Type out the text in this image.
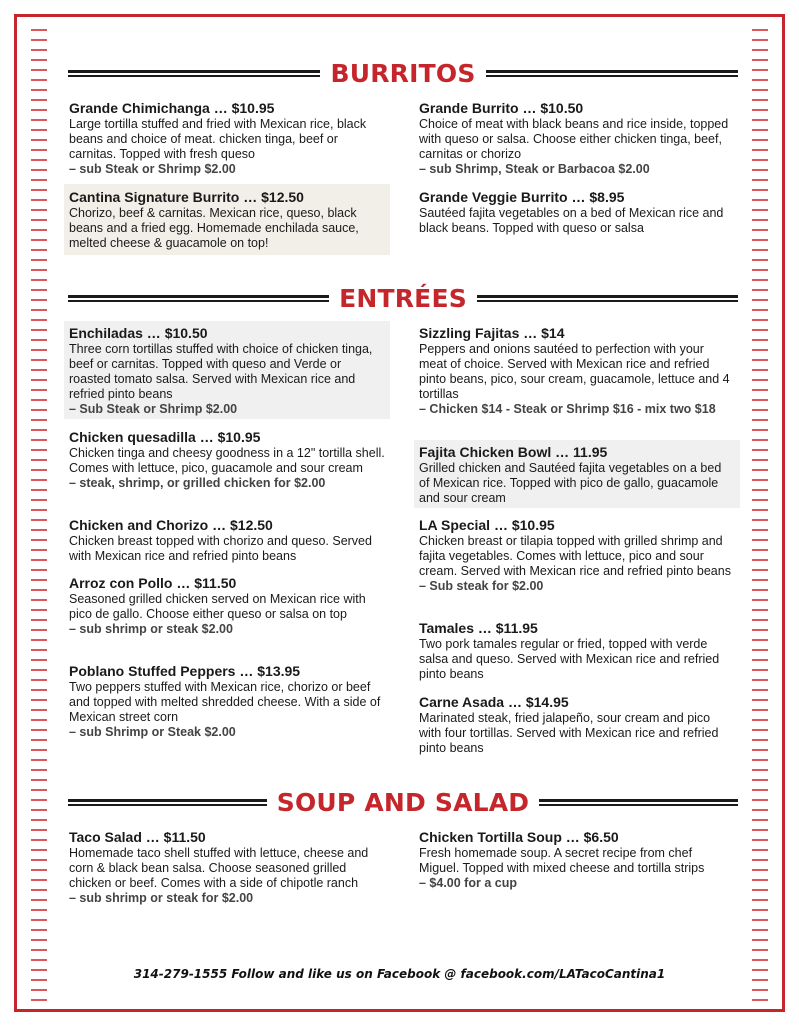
BURRITOS
Grande Chimichanga … $10.95
Large tortilla stuffed and fried with Mexican rice, black beans and choice of meat. chicken tinga, beef or carnitas. Topped with fresh queso
– sub Steak or Shrimp $2.00
Grande Burrito … $10.50
Choice of meat with black beans and rice inside, topped with queso or salsa. Choose either chicken tinga, beef, carnitas or chorizo
– sub Shrimp, Steak or Barbacoa $2.00
Cantina Signature Burrito … $12.50
Chorizo, beef & carnitas. Mexican rice, queso, black beans and a fried egg. Homemade enchilada sauce, melted cheese & guacamole on top!
Grande Veggie Burrito … $8.95
Sautéed fajita vegetables on a bed of Mexican rice and black beans. Topped with queso or salsa
ENTRÉES
Enchiladas … $10.50
Three corn tortillas stuffed with choice of chicken tinga, beef or carnitas. Topped with queso and Verde or roasted tomato salsa. Served with Mexican rice and refried pinto beans
– Sub Steak or Shrimp $2.00
Sizzling Fajitas … $14
Peppers and onions sautéed to perfection with your meat of choice. Served with Mexican rice and refried pinto beans, pico, sour cream, guacamole, lettuce and 4 tortillas
– Chicken $14 - Steak or Shrimp $16 - mix two $18
Chicken quesadilla … $10.95
Chicken tinga and cheesy goodness in a 12" tortilla shell. Comes with lettuce, pico, guacamole and sour cream
– steak, shrimp, or grilled chicken for $2.00
Fajita Chicken Bowl … 11.95
Grilled chicken and Sautéed fajita vegetables on a bed of Mexican rice. Topped with pico de gallo, guacamole and sour cream
Chicken and Chorizo … $12.50
Chicken breast topped with chorizo and queso. Served with Mexican rice and refried pinto beans
LA Special … $10.95
Chicken breast or tilapia topped with grilled shrimp and fajita vegetables. Comes with lettuce, pico and sour cream. Served with Mexican rice and refried pinto beans
– Sub steak for $2.00
Arroz con Pollo … $11.50
Seasoned grilled chicken served on Mexican rice with pico de gallo. Choose either queso or salsa on top
– sub shrimp or steak $2.00	Tamales … $11.95
Two pork tamales regular or fried, topped with verde salsa and queso. Served with Mexican rice and refried pinto beans
Poblano Stuffed Peppers … $13.95
Two peppers stuffed with Mexican rice, chorizo or beef and topped with melted shredded cheese. With a side of Mexican street corn
– sub Shrimp or Steak $2.00
Carne Asada … $14.95
Marinated steak, fried jalapeño, sour cream and pico with four tortillas. Served with Mexican rice and refried pinto beans
SOUP AND SALAD
Taco Salad … $11.50
Homemade taco shell stuffed with lettuce, cheese and corn & black bean salsa. Choose seasoned grilled chicken or beef. Comes with a side of chipotle ranch
– sub shrimp or steak for $2.00
Chicken Tortilla Soup … $6.50
Fresh homemade soup. A secret recipe from chef Miguel. Topped with mixed cheese and tortilla strips
– $4.00 for a cup
314-279-1555 Follow and like us on Facebook @ facebook.com/LATacoCantina1
